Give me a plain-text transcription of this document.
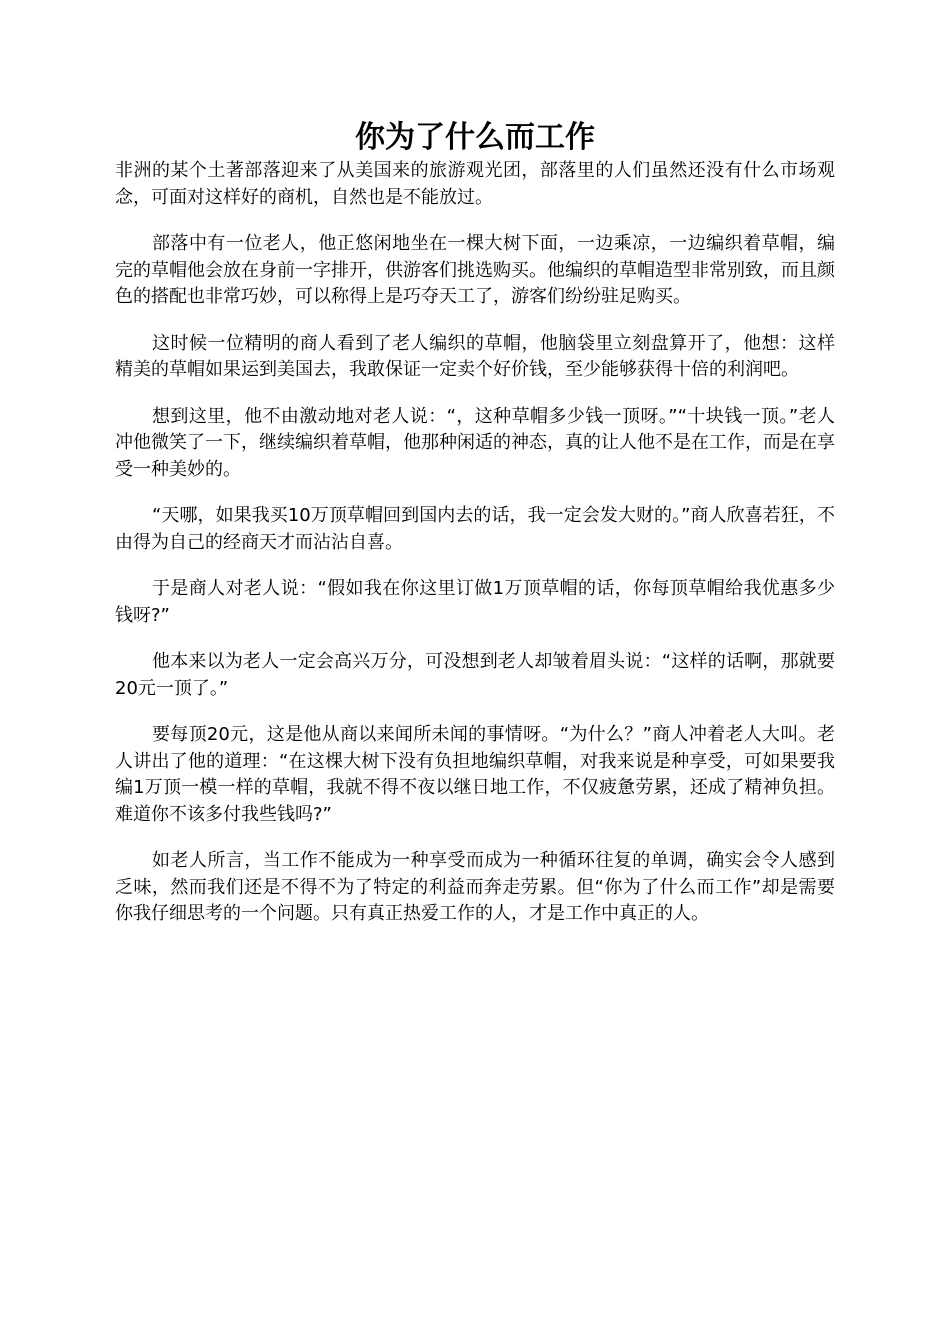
你为了什么而工作

非洲的某个土著部落迎来了从美国来的旅游观光团，部落里的人们虽然还没有什么市场观念，可面对这样好的商机，自然也是不能放过。

部落中有一位老人，他正悠闲地坐在一棵大树下面，一边乘凉，一边编织着草帽，编完的草帽他会放在身前一字排开，供游客们挑选购买。他编织的草帽造型非常别致，而且颜色的搭配也非常巧妙，可以称得上是巧夺天工了，游客们纷纷驻足购买。

这时候一位精明的商人看到了老人编织的草帽，他脑袋里立刻盘算开了，他想：这样精美的草帽如果运到美国去，我敢保证一定卖个好价钱，至少能够获得十倍的利润吧。

想到这里，他不由激动地对老人说：“，这种草帽多少钱一顶呀。”“十块钱一顶。”老人冲他微笑了一下，继续编织着草帽，他那种闲适的神态，真的让人他不是在工作，而是在享受一种美妙的。

“天哪，如果我买10万顶草帽回到国内去的话，我一定会发大财的。”商人欣喜若狂，不由得为自己的经商天才而沾沾自喜。

于是商人对老人说：“假如我在你这里订做1万顶草帽的话，你每顶草帽给我优惠多少钱呀?”

他本来以为老人一定会高兴万分，可没想到老人却皱着眉头说：“这样的话啊，那就要20元一顶了。”

要每顶20元，这是他从商以来闻所未闻的事情呀。“为什么？”商人冲着老人大叫。老人讲出了他的道理：“在这棵大树下没有负担地编织草帽，对我来说是种享受，可如果要我编1万顶一模一样的草帽，我就不得不夜以继日地工作，不仅疲惫劳累，还成了精神负担。难道你不该多付我些钱吗?”

如老人所言，当工作不能成为一种享受而成为一种循环往复的单调，确实会令人感到乏味，然而我们还是不得不为了特定的利益而奔走劳累。但“你为了什么而工作”却是需要你我仔细思考的一个问题。只有真正热爱工作的人，才是工作中真正的人。
